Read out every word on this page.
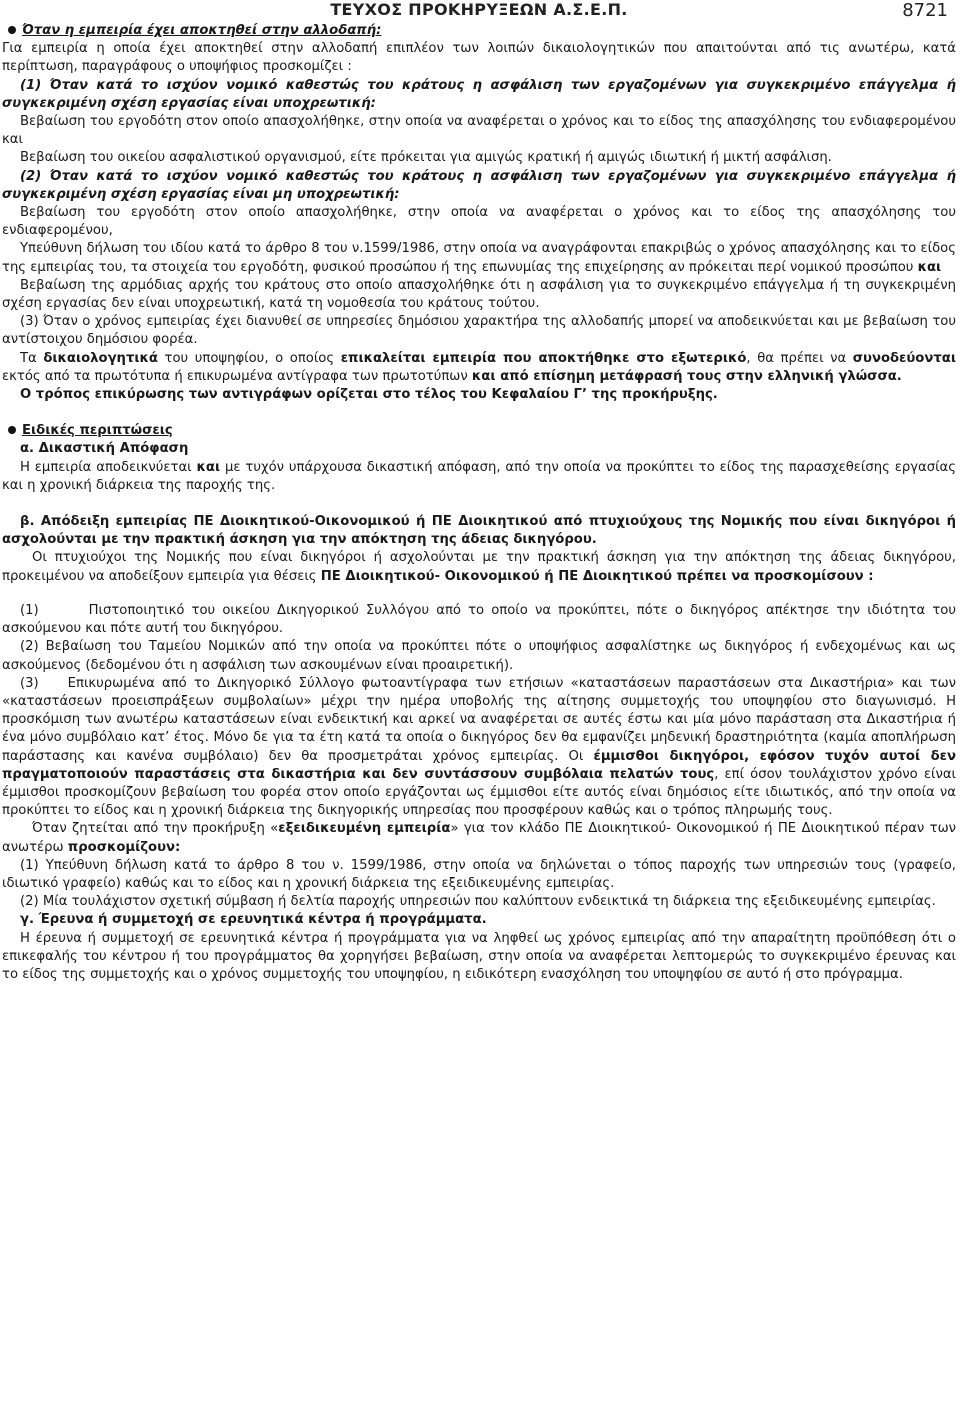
ΤΕΥΧΟΣ ΠΡΟΚΗΡΥΞΕΩΝ Α.Σ.Ε.Π.	8721

Όταν η εμπειρία έχει αποκτηθεί στην αλλοδαπή:

Για εμπειρία η οποία έχει αποκτηθεί στην αλλοδαπή επιπλέον των λοιπών δικαιολογητικών που απαιτούνται από τις ανωτέρω, κατά περίπτωση, παραγράφους ο υποψήφιος προσκομίζει :

(1) Όταν κατά το ισχύον νομικό καθεστώς του κράτους η ασφάλιση των εργαζομένων για συγκεκριμένο επάγγελμα ή συγκεκριμένη σχέση εργασίας είναι υποχρεωτική:

Βεβαίωση του εργοδότη στον οποίο απασχολήθηκε, στην οποία να αναφέρεται ο χρόνος και το είδος της απασχόλησης του ενδιαφερομένου και

Βεβαίωση του οικείου ασφαλιστικού οργανισμού, είτε πρόκειται για αμιγώς κρατική ή αμιγώς ιδιωτική ή μικτή ασφάλιση.

(2) Όταν κατά το ισχύον νομικό καθεστώς του κράτους η ασφάλιση των εργαζομένων για συγκεκριμένο επάγγελμα ή συγκεκριμένη σχέση εργασίας είναι μη υποχρεωτική:

Βεβαίωση του εργοδότη στον οποίο απασχολήθηκε, στην οποία να αναφέρεται ο χρόνος και το είδος της απασχόλησης του ενδιαφερομένου,

Υπεύθυνη δήλωση του ιδίου κατά το άρθρο 8 του ν.1599/1986, στην οποία να αναγράφονται επακριβώς ο χρόνος απασχόλησης και το είδος της εμπειρίας του, τα στοιχεία του εργοδότη, φυσικού προσώπου ή της επωνυμίας της επιχείρησης αν πρόκειται περί νομικού προσώπου και

Βεβαίωση της αρμόδιας αρχής του κράτους στο οποίο απασχολήθηκε ότι η ασφάλιση για το συγκεκριμένο επάγγελμα ή τη συγκεκριμένη σχέση εργασίας δεν είναι υποχρεωτική, κατά τη νομοθεσία του κράτους τούτου.

(3) Όταν ο χρόνος εμπειρίας έχει διανυθεί σε υπηρεσίες δημόσιου χαρακτήρα της αλλοδαπής μπορεί να αποδεικνύεται και με βεβαίωση του αντίστοιχου δημόσιου φορέα.

Τα δικαιολογητικά του υποψηφίου, ο οποίος επικαλείται εμπειρία που αποκτήθηκε στο εξωτερικό, θα πρέπει να συνοδεύονται εκτός από τα πρωτότυπα ή επικυρωμένα αντίγραφα των πρωτοτύπων και από επίσημη μετάφρασή τους στην ελληνική γλώσσα.

Ο τρόπος επικύρωσης των αντιγράφων ορίζεται στο τέλος του Κεφαλαίου Γ’ της προκήρυξης.

Ειδικές περιπτώσεις

α. Δικαστική Απόφαση

Η εμπειρία αποδεικνύεται και με τυχόν υπάρχουσα δικαστική απόφαση, από την οποία να προκύπτει το είδος της παρασχεθείσης εργασίας και η χρονική διάρκεια της παροχής της.

β. Απόδειξη εμπειρίας ΠΕ Διοικητικού-Οικονομικού ή ΠΕ Διοικητικού από πτυχιούχους της Νομικής που είναι δικηγόροι ή ασχολούνται με την πρακτική άσκηση για την απόκτηση της άδειας δικηγόρου.

Οι πτυχιούχοι της Νομικής που είναι δικηγόροι ή ασχολούνται με την πρακτική άσκηση για την απόκτηση της άδειας δικηγόρου, προκειμένου να αποδείξουν εμπειρία για θέσεις ΠΕ Διοικητικού- Οικονομικού ή ΠΕ Διοικητικού πρέπει να προσκομίσουν :

(1)       Πιστοποιητικό του οικείου Δικηγορικού Συλλόγου από το οποίο να προκύπτει, πότε ο δικηγόρος απέκτησε την ιδιότητα του ασκούμενου και πότε αυτή του δικηγόρου.

(2) Βεβαίωση του Ταμείου Νομικών από την οποία να προκύπτει πότε ο υποψήφιος ασφαλίστηκε ως δικηγόρος ή ενδεχομένως και ως ασκούμενος (δεδομένου ότι η ασφάλιση των ασκουμένων είναι προαιρετική).

(3)    Επικυρωμένα από το Δικηγορικό Σύλλογο φωτοαντίγραφα των ετήσιων «καταστάσεων παραστάσεων στα Δικαστήρια» και των «καταστάσεων προεισπράξεων συμβολαίων» μέχρι την ημέρα υποβολής της αίτησης συμμετοχής του υποψηφίου στο διαγωνισμό. Η προσκόμιση των ανωτέρω καταστάσεων είναι ενδεικτική και αρκεί να αναφέρεται σε αυτές έστω και μία μόνο παράσταση στα Δικαστήρια ή ένα μόνο συμβόλαιο κατ’ έτος. Μόνο δε για τα έτη κατά τα οποία ο δικηγόρος δεν θα εμφανίζει μηδενική δραστηριότητα (καμία αποπλήρωση παράστασης και κανένα συμβόλαιο) δεν θα προσμετράται χρόνος εμπειρίας. Οι έμμισθοι δικηγόροι, εφόσον τυχόν αυτοί δεν πραγματοποιούν παραστάσεις στα δικαστήρια και δεν συντάσσουν συμβόλαια πελατών τους, επί όσον τουλάχιστον χρόνο είναι έμμισθοι προσκομίζουν βεβαίωση του φορέα στον οποίο εργάζονται ως έμμισθοι είτε αυτός είναι δημόσιος είτε ιδιωτικός, από την οποία να προκύπτει το είδος και η χρονική διάρκεια της δικηγορικής υπηρεσίας που προσφέρουν καθώς και ο τρόπος πληρωμής τους.

Όταν ζητείται από την προκήρυξη «εξειδικευμένη εμπειρία» για τον κλάδο ΠΕ Διοικητικού- Οικονομικού ή ΠΕ Διοικητικού πέραν των ανωτέρω προσκομίζουν:

(1) Υπεύθυνη δήλωση κατά το άρθρο 8 του ν. 1599/1986, στην οποία να δηλώνεται ο τόπος παροχής των υπηρεσιών τους (γραφείο, ιδιωτικό γραφείο) καθώς και το είδος και η χρονική διάρκεια της εξειδικευμένης εμπειρίας.

(2) Μία τουλάχιστον σχετική σύμβαση ή δελτία παροχής υπηρεσιών που καλύπτουν ενδεικτικά τη διάρκεια της εξειδικευμένης εμπειρίας.

γ. Έρευνα ή συμμετοχή σε ερευνητικά κέντρα ή προγράμματα.

Η έρευνα ή συμμετοχή σε ερευνητικά κέντρα ή προγράμματα για να ληφθεί ως χρόνος εμπειρίας από την απαραίτητη προϋπόθεση ότι ο επικεφαλής του κέντρου ή του προγράμματος θα χορηγήσει βεβαίωση, στην οποία να αναφέρεται λεπτομερώς το συγκεκριμένο έρευνας και το είδος της συμμετοχής και ο χρόνος συμμετοχής του υποψηφίου, η ειδικότερη ενασχόληση του υποψηφίου σε αυτό ή στο πρόγραμμα.
